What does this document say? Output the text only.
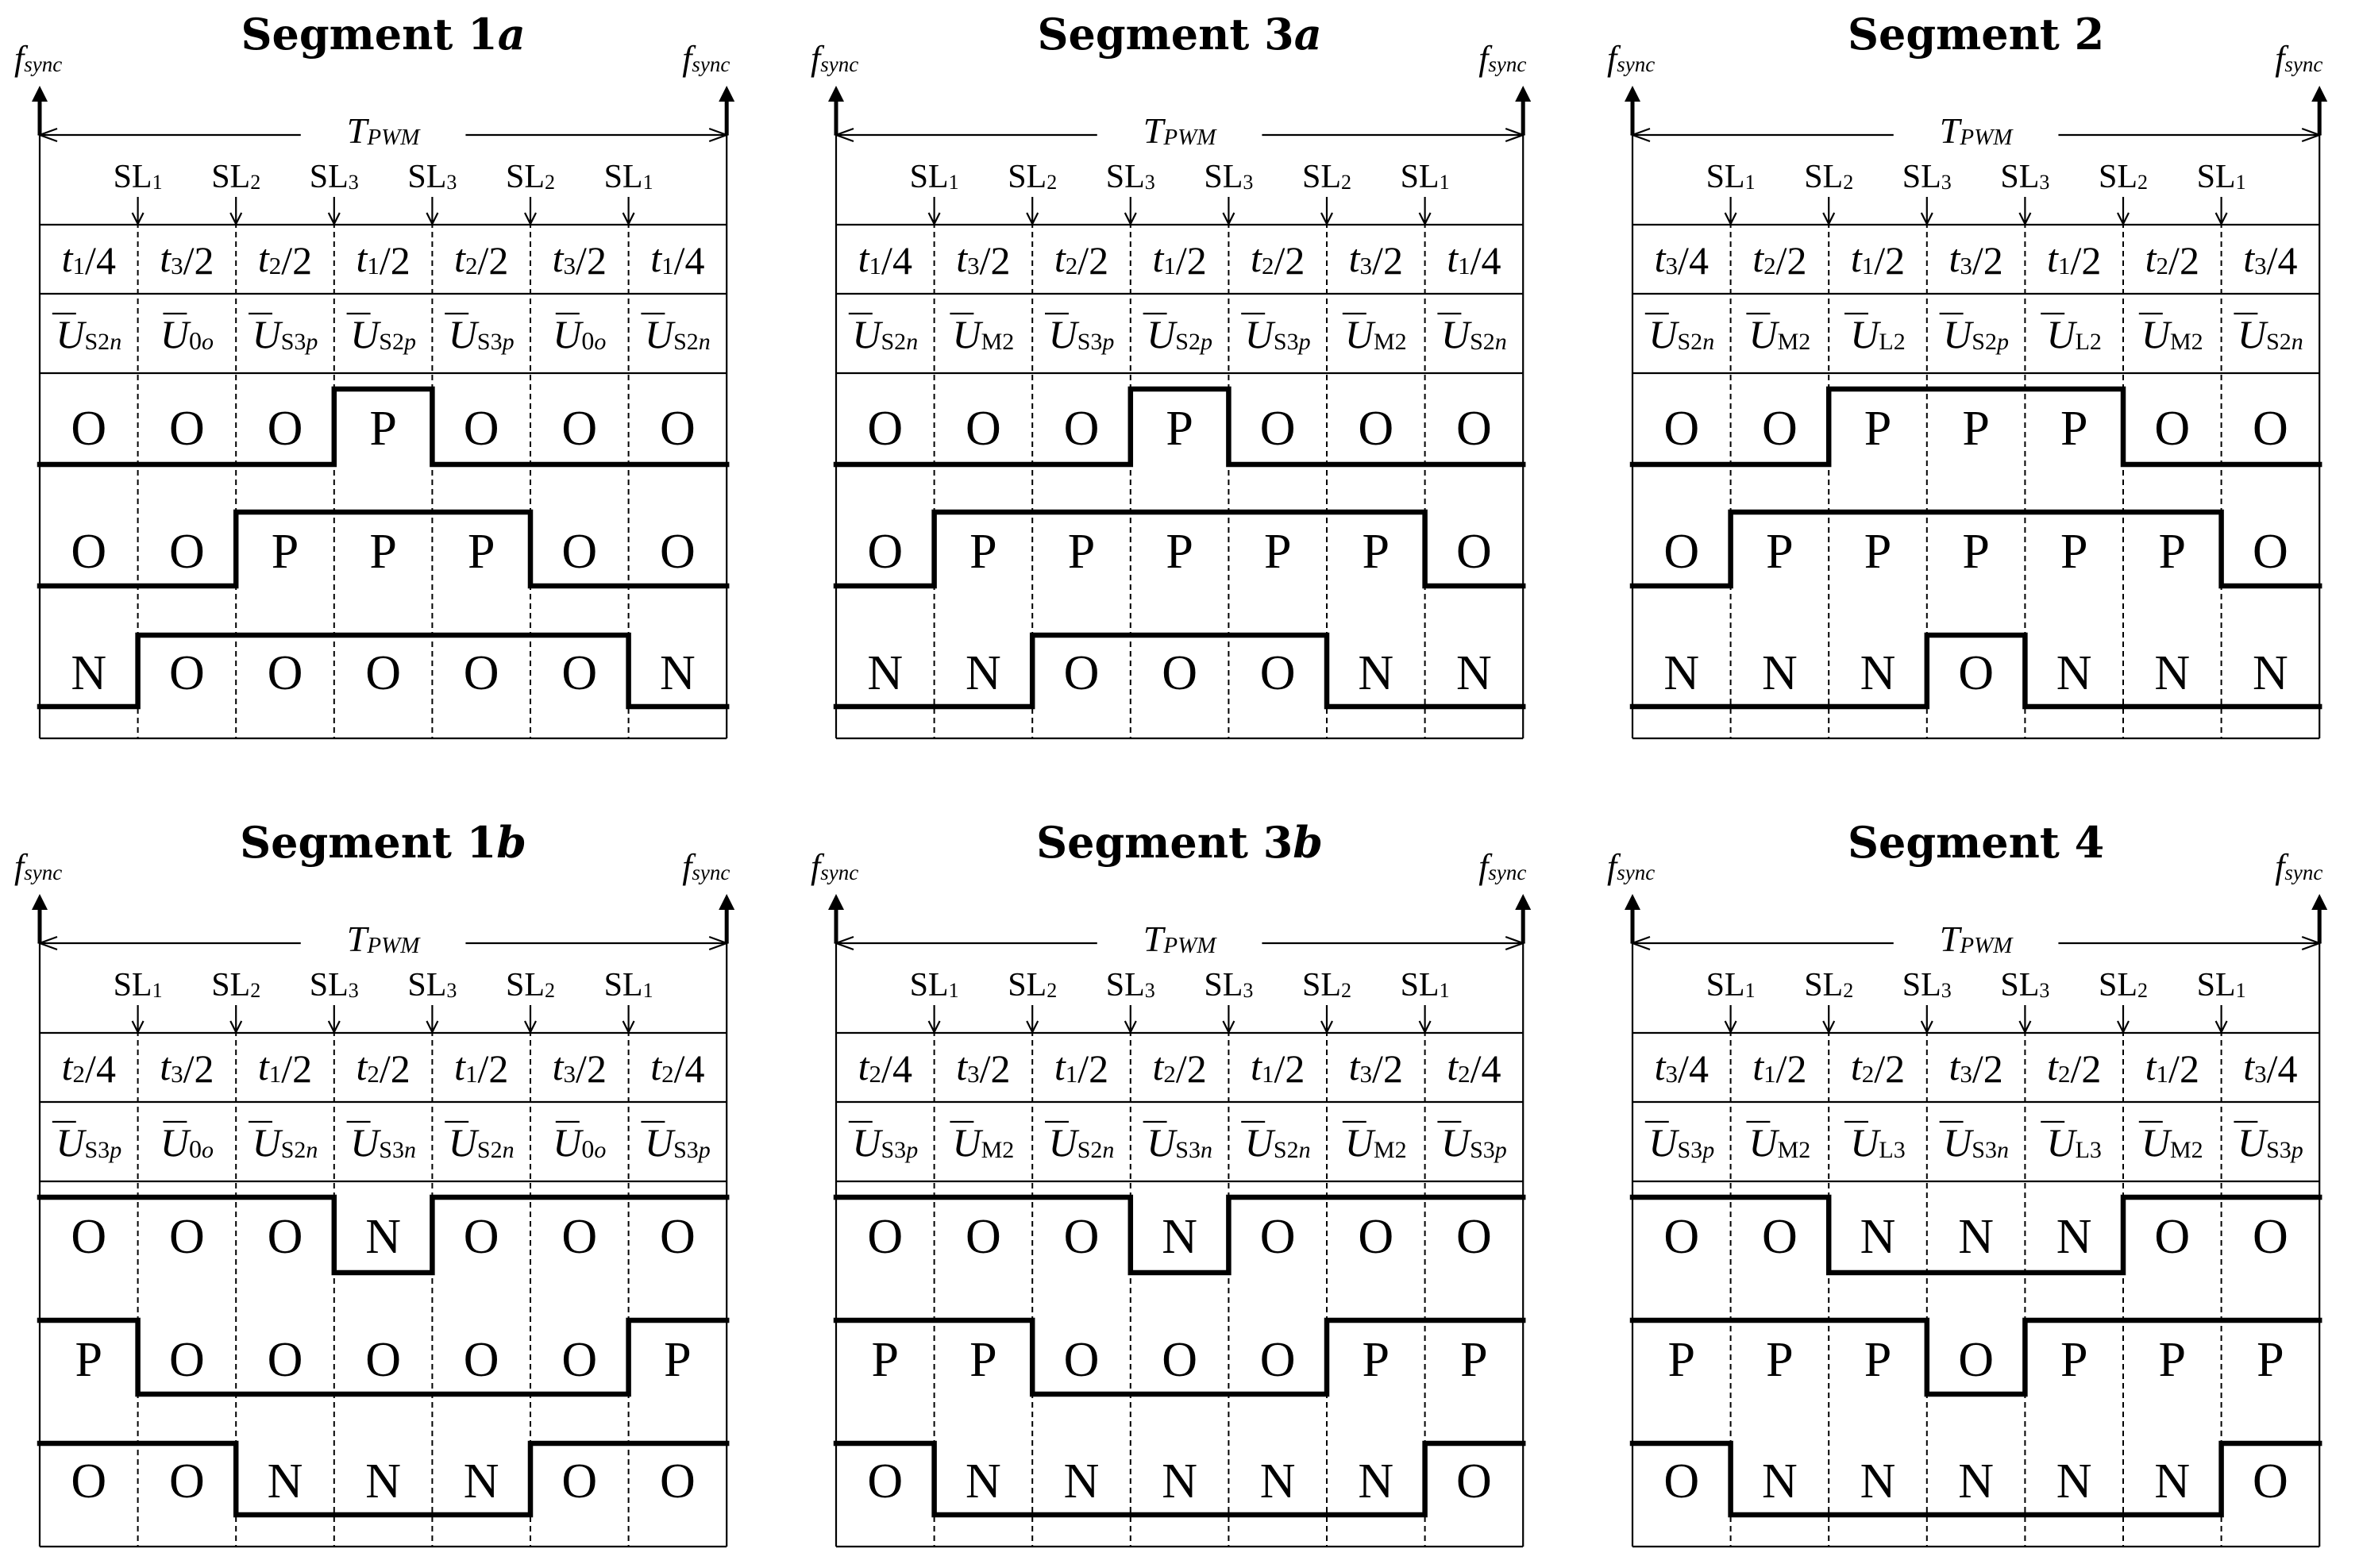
Segment 1a
fsync	fsync
TPWM
SL1 SL2 SL3 SL3 SL2 SL1
t1/4 t3/2 t2/2 t1/2 t2/2 t3/2 t1/4
US2n U0o US3p US2p US3p U0o US2n
O O O P O O O
O O P P P O O
N O O O O O N
Segment 3a
fsync	fsync
TPWM
SL1 SL2 SL3 SL3 SL2 SL1
t1/4 t3/2 t2/2 t1/2 t2/2 t3/2 t1/4
US2n UM2 US3p US2p US3p UM2 US2n
O O O P O O O
O P P P P P O
N N O O O N N
Segment 2
fsync	fsync
TPWM
SL1 SL2 SL3 SL3 SL2 SL1
t3/4 t2/2 t1/2 t3/2 t1/2 t2/2 t3/4
US2n UM2 UL2 US2p UL2 UM2 US2n
O O P P P O O
O P P P P P O
N N N O N N N
Segment 1b
fsync	fsync
TPWM
SL1 SL2 SL3 SL3 SL2 SL1
t2/4 t3/2 t1/2 t2/2 t1/2 t3/2 t2/4
US3p U0o US2n US3n US2n U0o US3p
O O O N O O O
P O O O O O P
O O N N N O O
Segment 3b
fsync	fsync
TPWM
SL1 SL2 SL3 SL3 SL2 SL1
t2/4 t3/2 t1/2 t2/2 t1/2 t3/2 t2/4
US3p UM2 US2n US3n US2n UM2 US3p
O O O N O O O
P P O O O P P
O N N N N N O
Segment 4
fsync	fsync
TPWM
SL1 SL2 SL3 SL3 SL2 SL1
t3/4 t1/2 t2/2 t3/2 t2/2 t1/2 t3/4
US3p UM2 UL3 US3n UL3 UM2 US3p
O O N N N O O
P P P O P P P
O N N N N N O
